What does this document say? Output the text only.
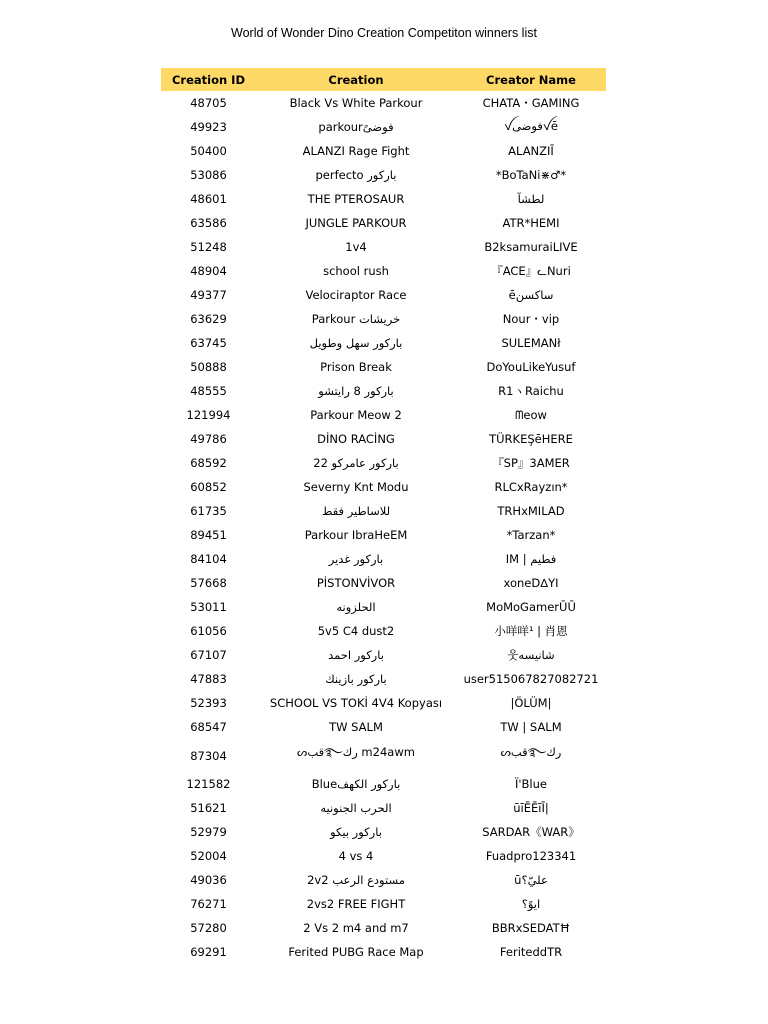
World of Wonder Dino Creation Competiton winners list
Creation ID	Creation	Creator Name
48705	Black Vs White Parkour	CHATA・GAMING
49923	parkourفوضىً	ꪜفوضىꪜē
50400	ALANZI Rage Fight	ALANZIĪ
53086	perfecto باركور	*BoTaNi⋇♂*
48601	THE PTEROSAUR	لطشآ
63586	JUNGLE PARKOUR	ATR*HEMI
51248	1v4	B2ksamuraiLIVE
48904	school rush	『ACE』ᓚNuri
49377	Velociraptor Race	ēساكسن
63629	Parkour خريشات	Nour・vip
63745	باركور سهل وطويل	SULEMANł
50888	Prison Break	DoYouLikeYusuf
48555	باركور 8 رايتشو	R1ヽRaichu
121994	Parkour Meow 2	ᗰeow
49786	DİNO RACİNG	TÜRKEŞēHERE
68592	باركور عامركو 22	『SP』3AMER
60852	Severny Knt Modu	RLCxRayzın*
61735	للاساطير فقط	TRHxMILAD
89451	Parkour IbraHeEM	*Tarzan*
84104	باركور غدير	IM | فطيم
57668	PİSTONVİVOR	xoneDᐃYI
53011	الحلزونه	MoMoGamerŪŪ
61056	5v5 C4 dust2	小咩咩¹ | 肖恩
67107	باركور احمد	웃شانيسه
47883	باركور بازينك	user515067827082721
52393	SCHOOL VS TOKİ 4V4 Kopyası	|ÖLÜM|
68547	TW SALM	TW | SALM
87304	ᔕقب࿐رك m24awm	ᔕقب࿐رك
121582	Blueباركور الكهف	Ï'Blue
51621	الحرب الجنونيه	ūīĒĒīĪ|
52979	باركور بيكو	SARDAR《WAR》
52004	4 vs 4	Fuadpro123341
49036	2v2 مستودع الرعب	ūعليّ؟
76271	2vs2 FREE FIGHT	ايوً؟
57280	2 Vs 2 m4 and m7	BBRxSEDATĦ
69291	Ferited PUBG Race Map	FeriteddTR
